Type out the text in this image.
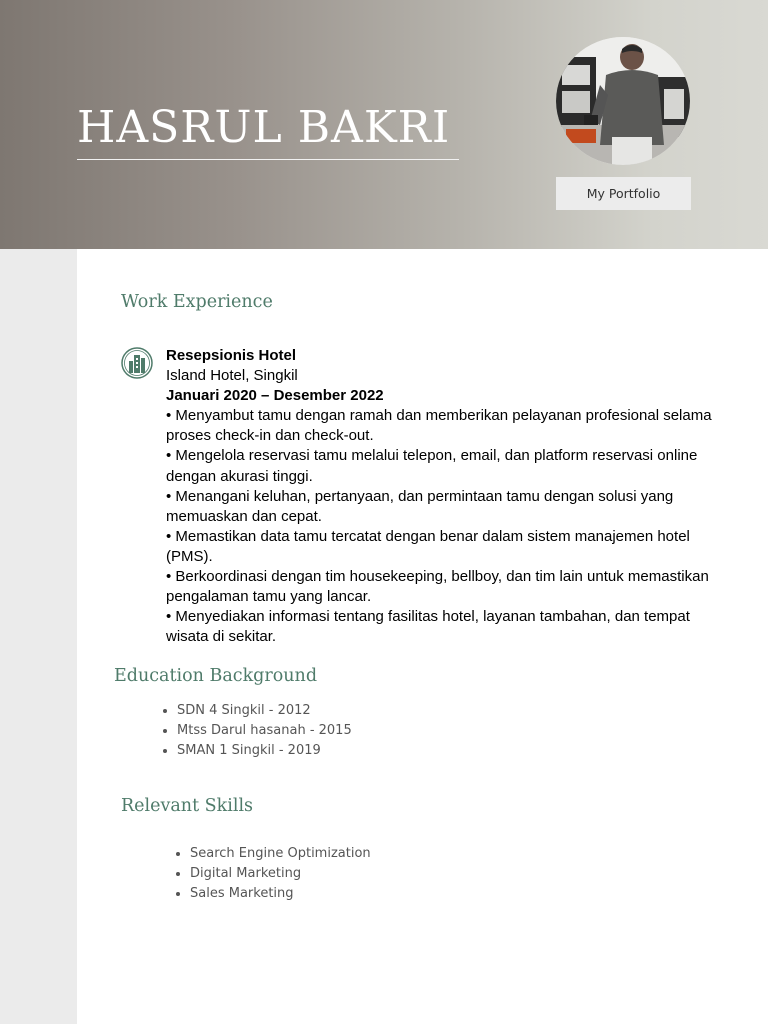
HASRUL BAKRI
My Portfolio
Work Experience
Resepsionis Hotel
Island Hotel, Singkil
Januari 2020 – Desember 2022
• Menyambut tamu dengan ramah dan memberikan pelayanan profesional selama proses check-in dan check-out.
• Mengelola reservasi tamu melalui telepon, email, dan platform reservasi online dengan akurasi tinggi.
• Menangani keluhan, pertanyaan, dan permintaan tamu dengan solusi yang memuaskan dan cepat.
• Memastikan data tamu tercatat dengan benar dalam sistem manajemen hotel (PMS).
• Berkoordinasi dengan tim housekeeping, bellboy, dan tim lain untuk memastikan pengalaman tamu yang lancar.
• Menyediakan informasi tentang fasilitas hotel, layanan tambahan, dan tempat wisata di sekitar.
Education Background
• SDN 4 Singkil - 2012
• Mtss Darul hasanah - 2015
• SMAN 1 Singkil - 2019
Relevant Skills
• Search Engine Optimization
• Digital Marketing
• Sales Marketing
